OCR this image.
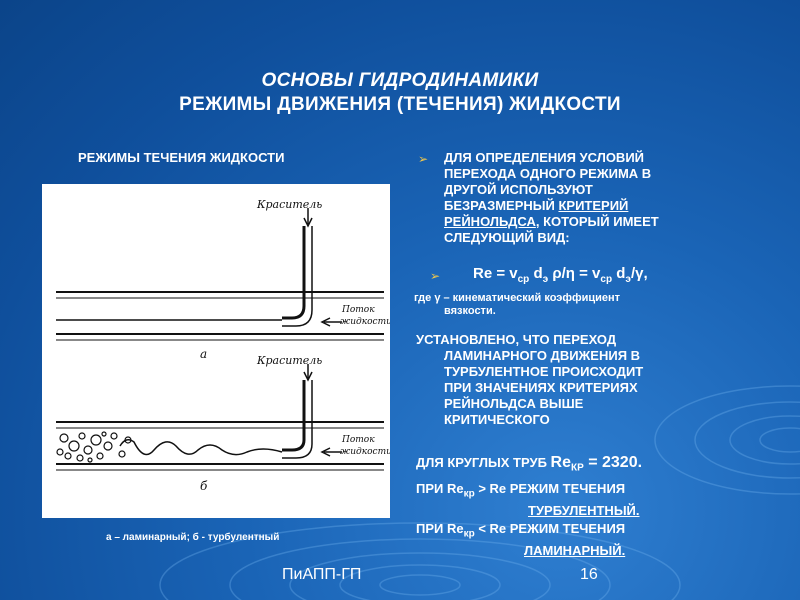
ОСНОВЫ ГИДРОДИНАМИКИ
РЕЖИМЫ ДВИЖЕНИЯ (ТЕЧЕНИЯ) ЖИДКОСТИ
РЕЖИМЫ ТЕЧЕНИЯ ЖИДКОСТИ
Краситель
Поток
жидкости
а	Краситель
Поток
жидкости
б
а – ламинарный; б - турбулентный
➢ ДЛЯ ОПРЕДЕЛЕНИЯ УСЛОВИЙ
ПЕРЕХОДА ОДНОГО РЕЖИМА В
ДРУГОЙ ИСПОЛЬЗУЮТ
БЕЗРАЗМЕРНЫЙ КРИТЕРИЙ
РЕЙНОЛЬДСА, КОТОРЫЙ ИМЕЕТ
СЛЕДУЮЩИЙ ВИД:
➢ $Re = v_{ср}$ $d_э$ $\rho/\eta = v_{ср}$ $d_э/\gamma$,
где γ – кинематический коэффициент
вязкости.
УСТАНОВЛЕНО, ЧТО ПЕРЕХОД
ЛАМИНАРНОГО ДВИЖЕНИЯ В
ТУРБУЛЕНТНОЕ ПРОИСХОДИТ
ПРИ ЗНАЧЕНИЯХ КРИТЕРИЯХ
РЕЙНОЛЬДСА ВЫШЕ
КРИТИЧЕСКОГО
ДЛЯ КРУГЛЫХ ТРУБ $Re_{КР} = 2320$.
ПРИ $Re_{кр} > Re$ РЕЖИМ ТЕЧЕНИЯ
ТУРБУЛЕНТНЫЙ.
ПРИ $Re_{кр} < Re$ РЕЖИМ ТЕЧЕНИЯ
ЛАМИНАРНЫЙ.
ПиАПП-ГП	16
